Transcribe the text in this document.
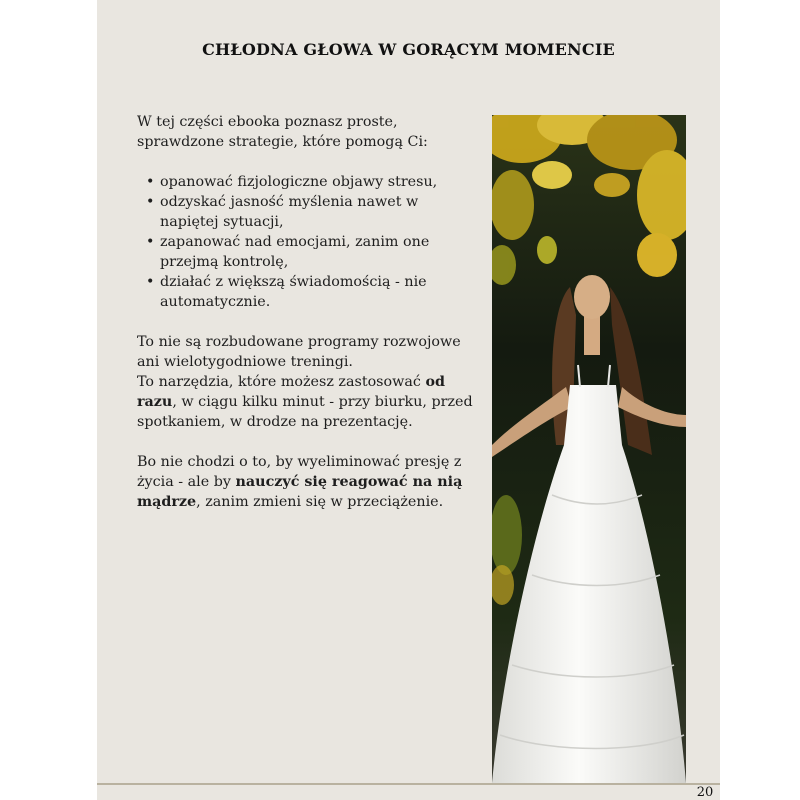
CHŁODNA GŁOWA W GORĄCYM MOMENCIE

W tej części ebooka poznasz proste,
sprawdzone strategie, które pomogą Ci:

• opanować fizjologiczne objawy stresu,
• odzyskać jasność myślenia nawet w
napiętej sytuacji,
• zapanować nad emocjami, zanim one
przejmą kontrolę,
• działać z większą świadomością - nie
automatycznie.

To nie są rozbudowane programy rozwojowe
ani wielotygodniowe treningi.
To narzędzia, które możesz zastosować od
razu, w ciągu kilku minut - przy biurku, przed
spotkaniem, w drodze na prezentację.

Bo nie chodzi o to, by wyeliminować presję z
życia - ale by nauczyć się reagować na nią
mądrze, zanim zmieni się w przeciążenie.

20
